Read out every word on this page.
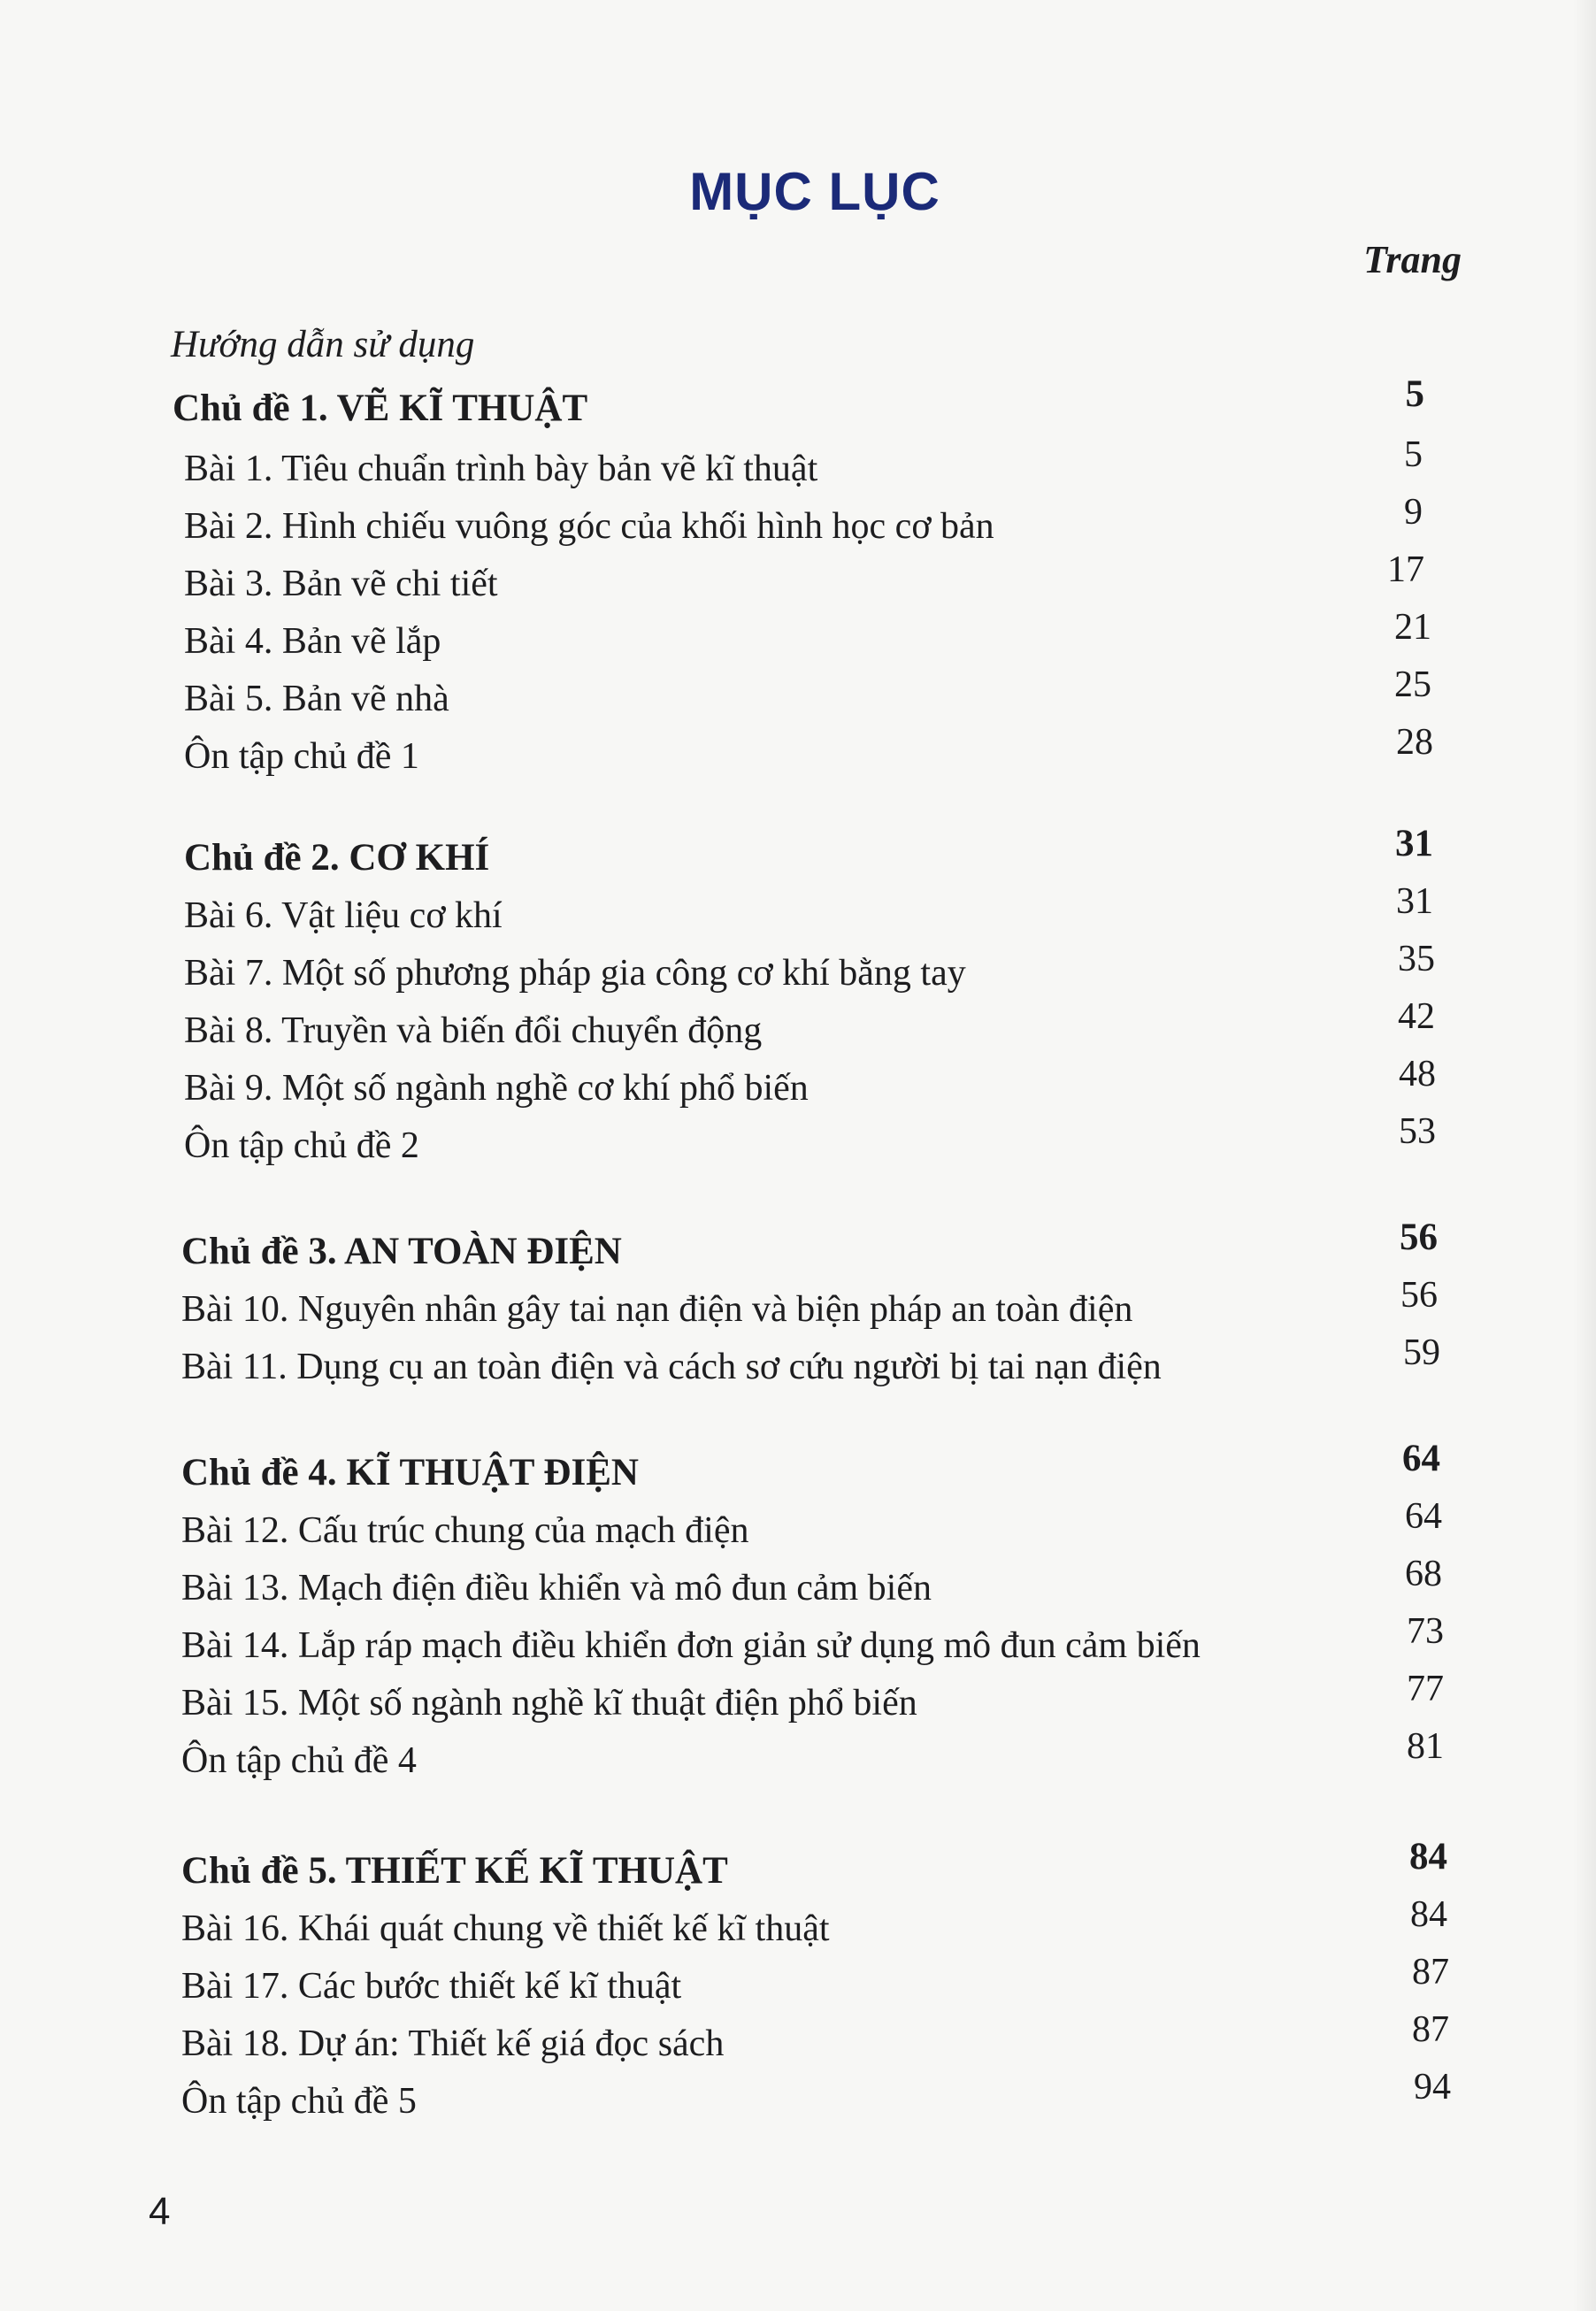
MỤC LỤC
Trang
Hướng dẫn sử dụng
Chủ đề 1. VẼ KĨ THUẬT	5
Bài 1. Tiêu chuẩn trình bày bản vẽ kĩ thuật	5
Bài 2. Hình chiếu vuông góc của khối hình học cơ bản	9
Bài 3. Bản vẽ chi tiết	17
Bài 4. Bản vẽ lắp	21
Bài 5. Bản vẽ nhà	25
Ôn tập chủ đề 1	28
Chủ đề 2. CƠ KHÍ	31
Bài 6. Vật liệu cơ khí	31
Bài 7. Một số phương pháp gia công cơ khí bằng tay	35
Bài 8. Truyền và biến đổi chuyển động	42
Bài 9. Một số ngành nghề cơ khí phổ biến	48
Ôn tập chủ đề 2	53
Chủ đề 3. AN TOÀN ĐIỆN	56
Bài 10. Nguyên nhân gây tai nạn điện và biện pháp an toàn điện	56
Bài 11. Dụng cụ an toàn điện và cách sơ cứu người bị tai nạn điện	59
Chủ đề 4. KĨ THUẬT ĐIỆN	64
Bài 12. Cấu trúc chung của mạch điện	64
Bài 13. Mạch điện điều khiển và mô đun cảm biến	68
Bài 14. Lắp ráp mạch điều khiển đơn giản sử dụng mô đun cảm biến	73
Bài 15. Một số ngành nghề kĩ thuật điện phổ biến	77
Ôn tập chủ đề 4	81
Chủ đề 5. THIẾT KẾ KĨ THUẬT	84
Bài 16. Khái quát chung về thiết kế kĩ thuật	84
Bài 17. Các bước thiết kế kĩ thuật	87
Bài 18. Dự án: Thiết kế giá đọc sách	87
Ôn tập chủ đề 5	94
4
